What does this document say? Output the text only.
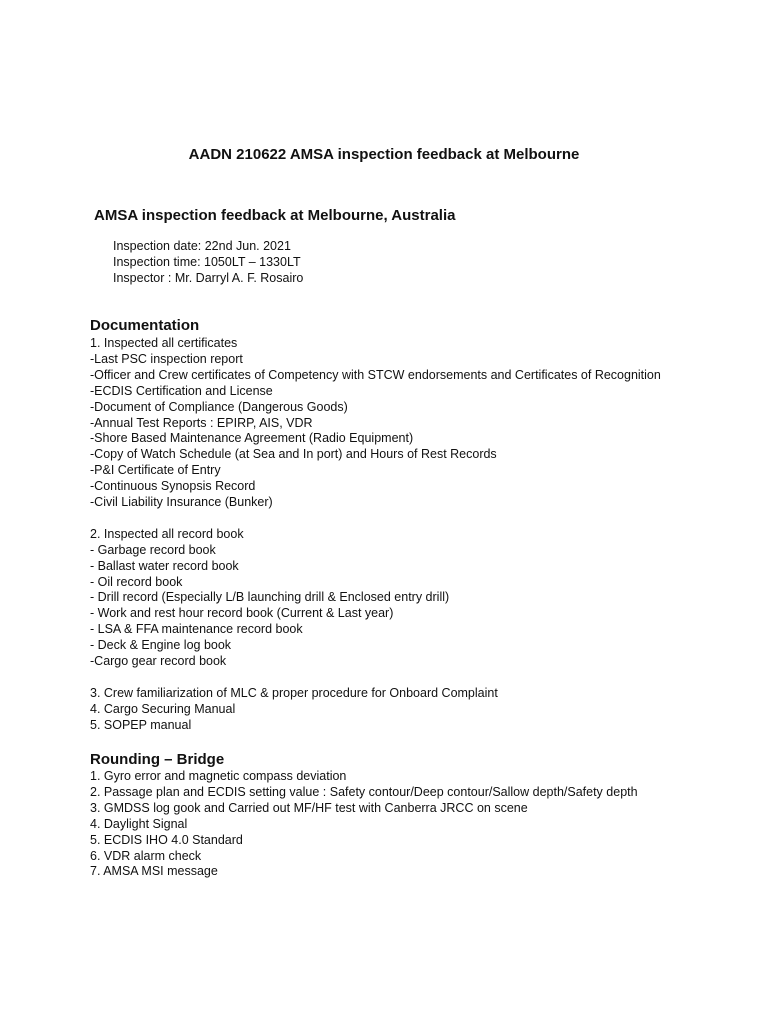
AADN 210622 AMSA inspection feedback at Melbourne
AMSA inspection feedback at Melbourne, Australia
Inspection date: 22nd Jun. 2021
Inspection time: 1050LT – 1330LT
Inspector : Mr. Darryl A. F. Rosairo
Documentation
1. Inspected all certificates
-Last PSC inspection report
-Officer and Crew certificates of Competency with STCW endorsements and Certificates of Recognition
-ECDIS Certification and License
-Document of Compliance (Dangerous Goods)
-Annual Test Reports : EPIRP, AIS, VDR
-Shore Based Maintenance Agreement (Radio Equipment)
-Copy of Watch Schedule (at Sea and In port) and Hours of Rest Records
-P&I Certificate of Entry
-Continuous Synopsis Record
-Civil Liability Insurance (Bunker)
2. Inspected all record book
- Garbage record book
- Ballast water record book
- Oil record book
- Drill record (Especially L/B launching drill & Enclosed entry drill)
- Work and rest hour record book (Current & Last year)
- LSA & FFA maintenance record book
- Deck & Engine log book
-Cargo gear record book
3. Crew familiarization of MLC & proper procedure for Onboard Complaint
4. Cargo Securing Manual
5. SOPEP manual
Rounding – Bridge
1. Gyro error and magnetic compass deviation
2. Passage plan and ECDIS setting value : Safety contour/Deep contour/Sallow depth/Safety depth
3. GMDSS log gook and Carried out MF/HF test with Canberra JRCC on scene
4. Daylight Signal
5. ECDIS IHO 4.0 Standard
6. VDR alarm check
7. AMSA MSI message
